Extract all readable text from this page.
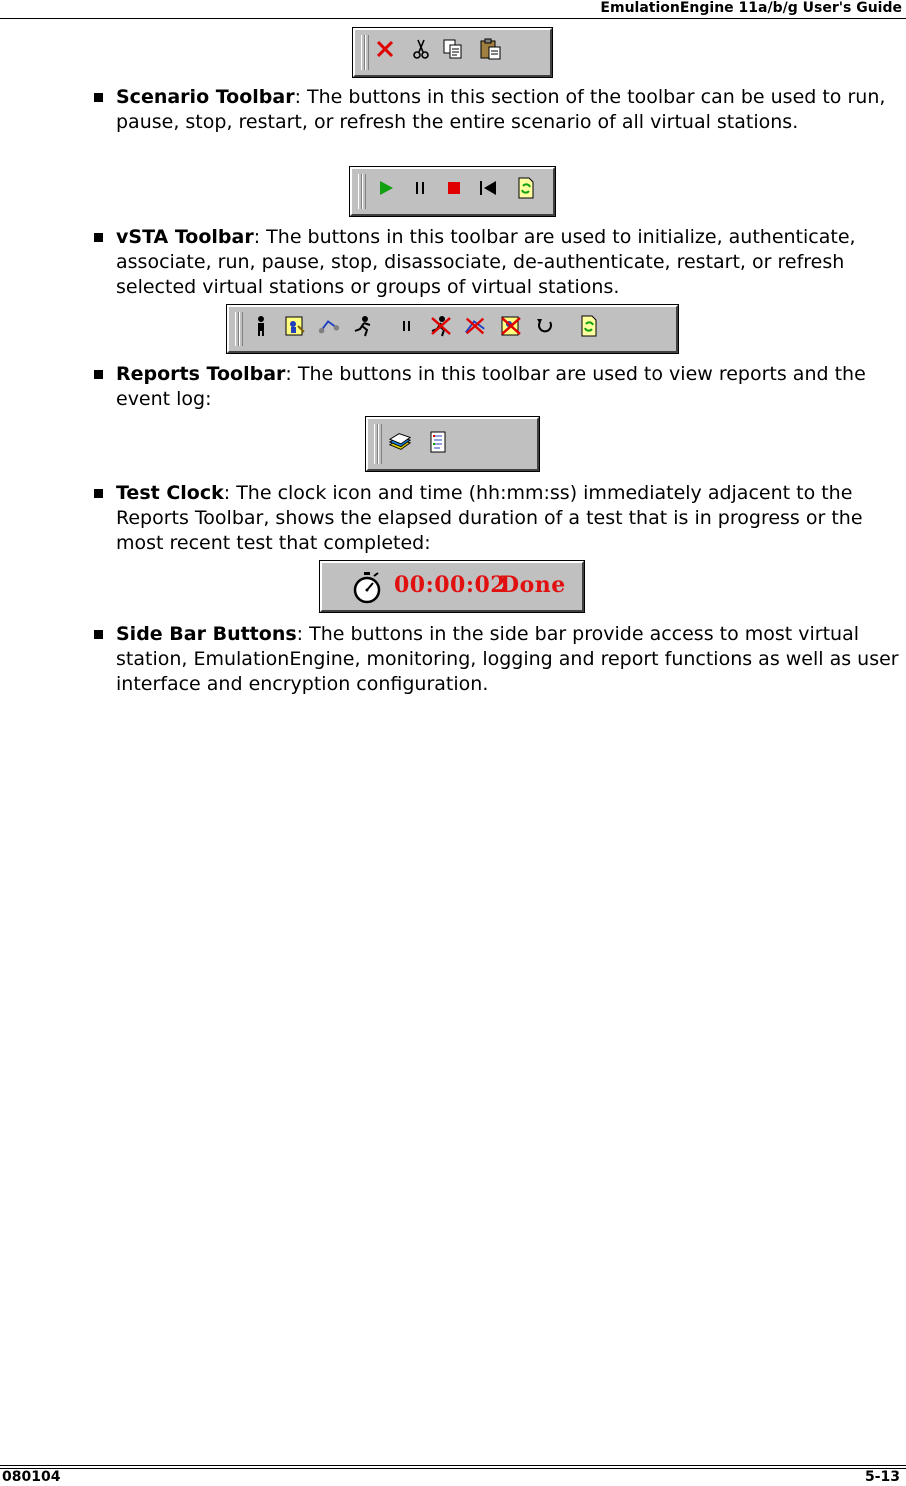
EmulationEngine 11a/b/g User's Guide
Scenario Toolbar: The buttons in this section of the toolbar can be used to run, pause, stop, restart, or refresh the entire scenario of all virtual stations.
vSTA Toolbar: The buttons in this toolbar are used to initialize, authenticate, associate, run, pause, stop, disassociate, de-authenticate, restart, or refresh selected virtual stations or groups of virtual stations.
Reports Toolbar: The buttons in this toolbar are used to view reports and the event log:
Test Clock: The clock icon and time (hh:mm:ss) immediately adjacent to the Reports Toolbar, shows the elapsed duration of a test that is in progress or the most recent test that completed:
00:00:02
Done
Side Bar Buttons: The buttons in the side bar provide access to most virtual station, EmulationEngine, monitoring, logging and report functions as well as user interface and encryption configuration.
080104	5-13
